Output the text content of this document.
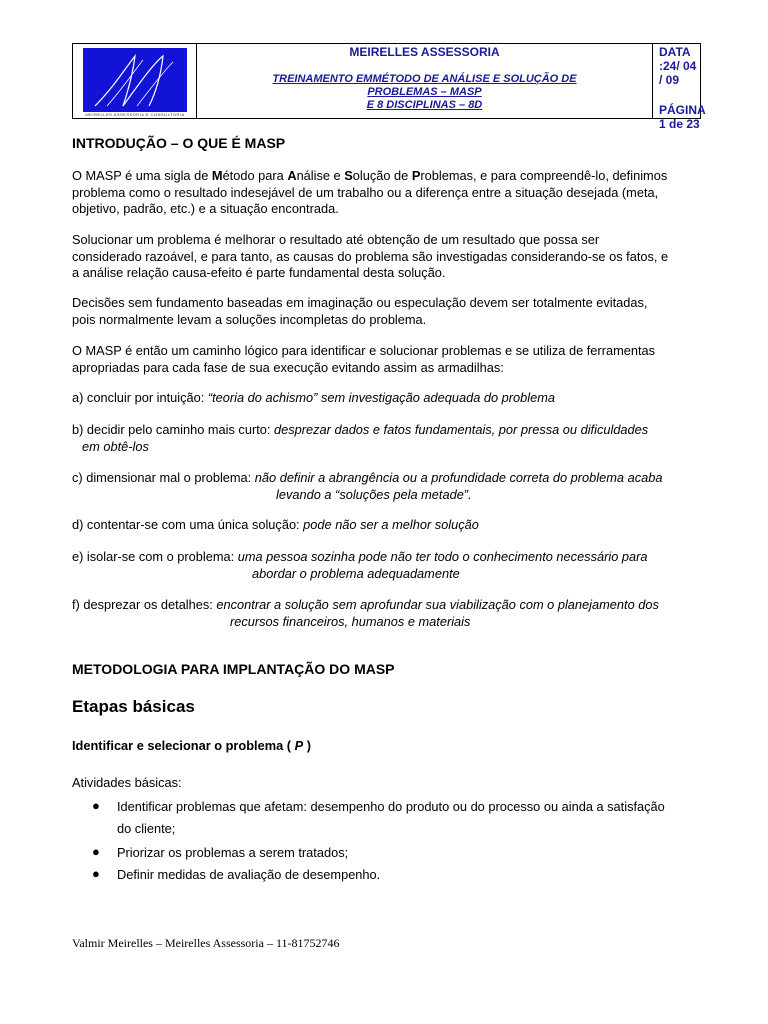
MEIRELLES ASSESSORIA E CONSULTORIA
MEIRELLES ASSESSORIA
TREINAMENTO EMMÉTODO DE ANÁLISE E SOLUÇÃO DE
PROBLEMAS – MASP
E 8 DISCIPLINAS – 8D
DATA :24/ 04 / 09
PÁGINA 1 de 23
INTRODUÇÃO – O QUE É MASP
O MASP é uma sigla de Método para Análise e Solução de Problemas, e para compreendê-lo, definimos
problema como o resultado indesejável de um trabalho ou a diferença entre a situação desejada (meta,
objetivo, padrão, etc.) e a situação encontrada.
Solucionar um problema é melhorar o resultado até obtenção de um resultado que possa ser
considerado razoável, e para tanto, as causas do problema são investigadas considerando-se os fatos, e
a análise relação causa-efeito é parte fundamental desta solução.
Decisões sem fundamento baseadas em imaginação ou especulação devem ser totalmente evitadas,
pois normalmente levam a soluções incompletas do problema.
O MASP é então um caminho lógico para identificar e solucionar problemas e se utiliza de ferramentas
apropriadas para cada fase de sua execução evitando assim as armadilhas:
a) concluir por intuição: “teoria do achismo” sem investigação adequada do problema
b) decidir pelo caminho mais curto: desprezar dados e fatos fundamentais, por pressa ou dificuldades
em obtê-los
c) dimensionar mal o problema: não definir a abrangência ou a profundidade correta do problema acaba
levando a “soluções pela metade”.
d) contentar-se com uma única solução: pode não ser a melhor solução
e) isolar-se com o problema: uma pessoa sozinha pode não ter todo o conhecimento necessário para
abordar o problema adequadamente
f) desprezar os detalhes: encontrar a solução sem aprofundar sua viabilização com o planejamento dos
recursos financeiros, humanos e materiais
METODOLOGIA PARA IMPLANTAÇÃO DO MASP
Etapas básicas
Identificar e selecionar o problema ( P )
Atividades básicas:
● Identificar problemas que afetam: desempenho do produto ou do processo ou ainda a satisfação
do cliente;
● Priorizar os problemas a serem tratados;
● Definir medidas de avaliação de desempenho.
Valmir Meirelles – Meirelles Assessoria – 11-81752746
